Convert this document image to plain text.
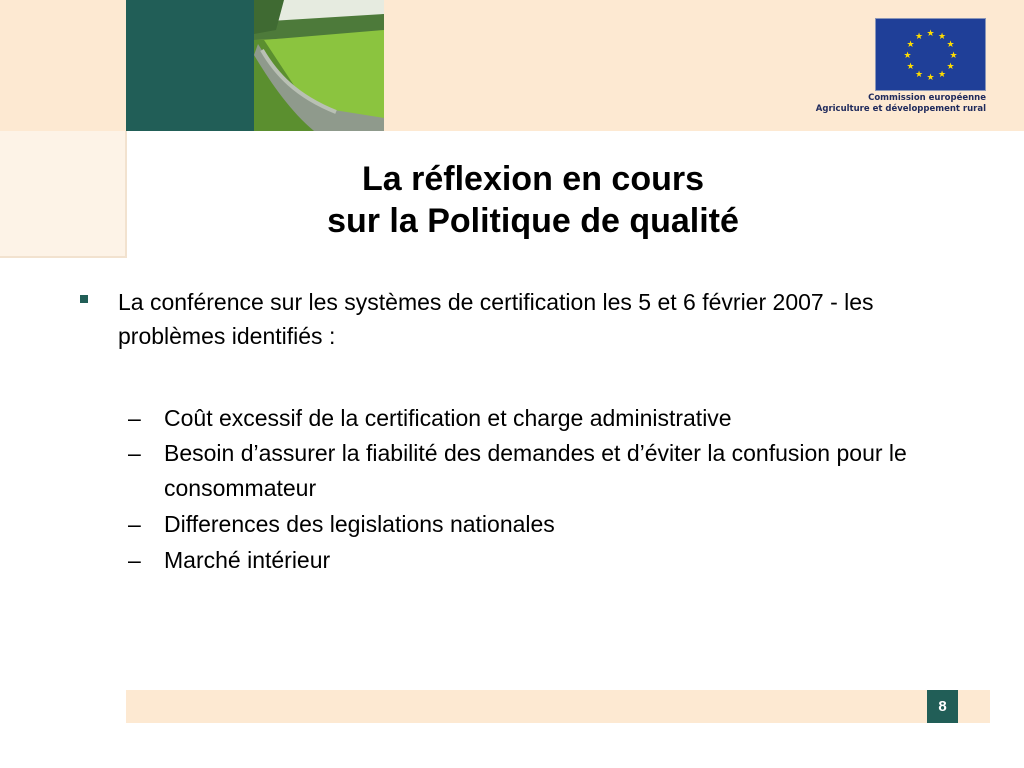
★ ★
★
★
★
★
★
★
★
★
★
★
Commission européenne
Agriculture et développement rural
La réflexion en cours
sur la Politique de qualité
La conférence sur les systèmes de certification les 5 et 6 février 2007 - les problèmes identifiés :
– Coût excessif de la certification et charge administrative
– Besoin d’assurer la fiabilité des demandes et d’éviter la confusion pour le consommateur
– Differences des legislations nationales
– Marché intérieur
8
